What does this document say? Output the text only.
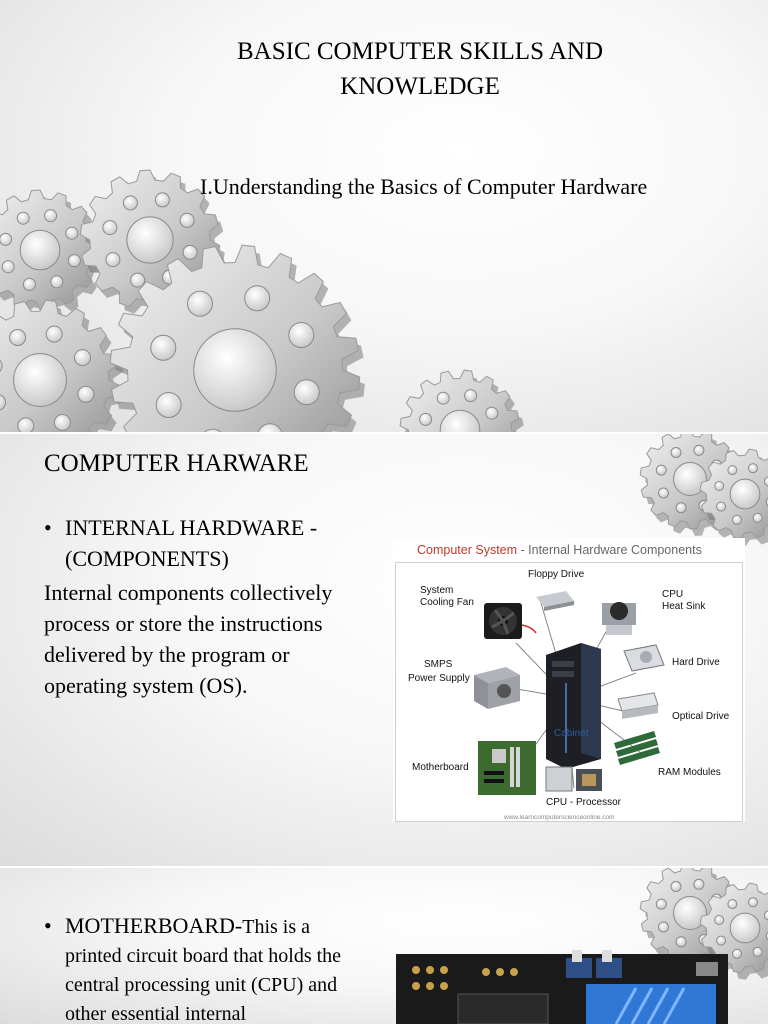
BASIC COMPUTER SKILLS AND KNOWLEDGE
I.Understanding the Basics of Computer Hardware
COMPUTER HARWARE
• INTERNAL HARDWARE - (COMPONENTS)
Internal components collectively process or store the instructions delivered by the program or operating system (OS).
Computer System - Internal Hardware Components
Floppy Drive
System
Cooling Fan
CPU
Heat Sink
SMPS
Power Supply
Hard Drive
Optical Drive
Cabinet
Motherboard	RAM Modules
CPU - Processor
www.learncomputerscienceonline.com
• MOTHERBOARD-This is a printed circuit board that holds the central processing unit (CPU) and other essential internal
